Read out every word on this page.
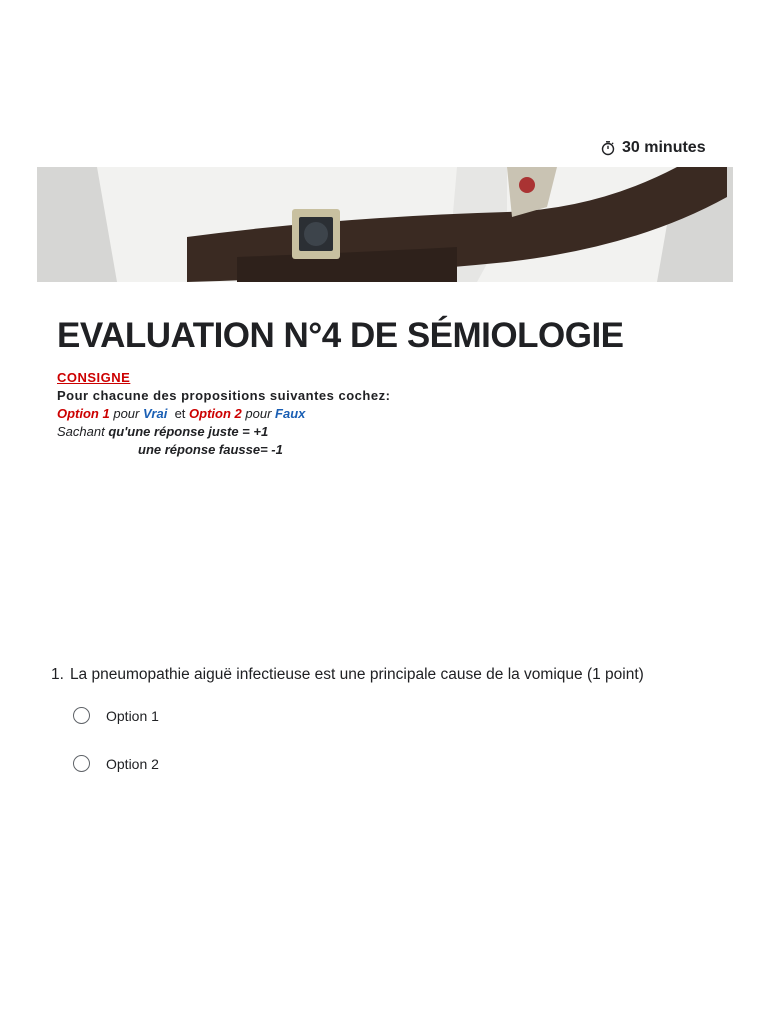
30 minutes
EVALUATION N°4 DE SÉMIOLOGIE
CONSIGNE
Pour chacune des propositions suivantes cochez:
Option 1 pour Vrai et Option 2 pour Faux
Sachant qu'une réponse juste = +1
une réponse fausse= -1
1. La pneumopathie aiguë infectieuse est une principale cause de la vomique (1 point)
Option 1
Option 2
